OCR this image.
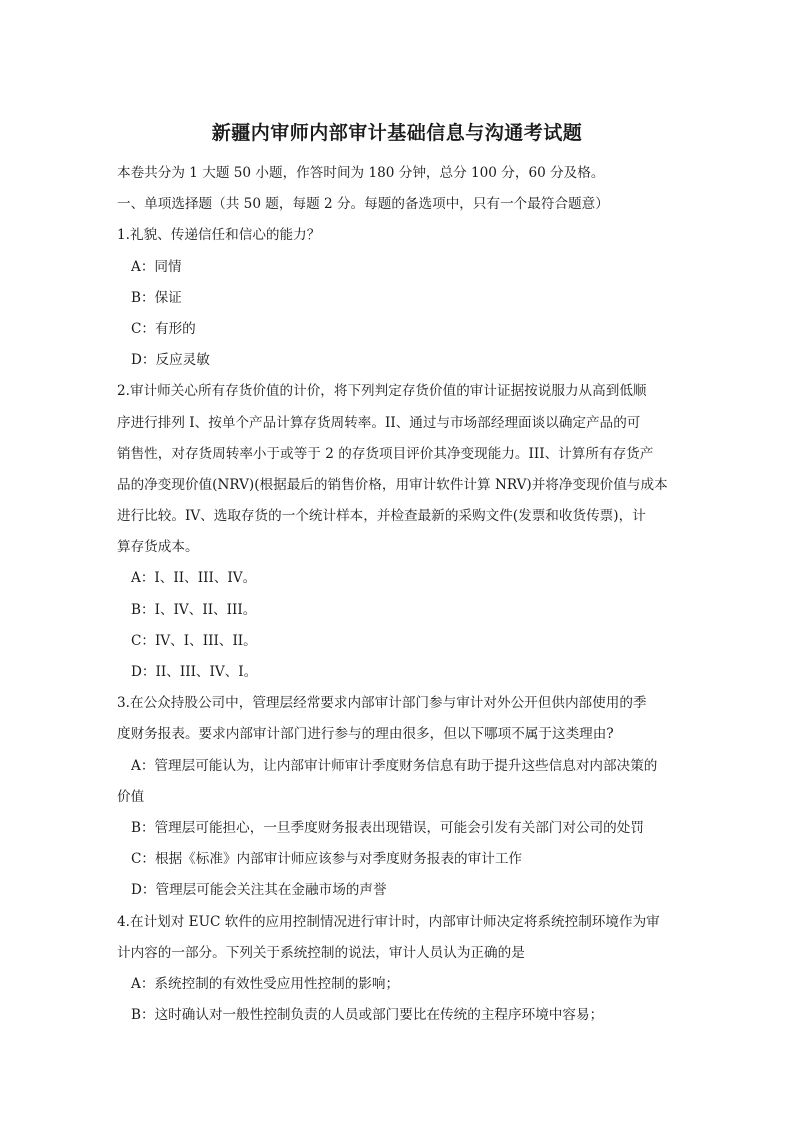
新疆内审师内部审计基础信息与沟通考试题
本卷共分为 1 大题 50 小题，作答时间为 180 分钟，总分 100 分，60 分及格。
一、单项选择题（共 50 题，每题 2 分。每题的备选项中，只有一个最符合题意）
1.礼貌、传递信任和信心的能力？
A：同情
B：保证
C：有形的
D：反应灵敏
2.审计师关心所有存货价值的计价，将下列判定存货价值的审计证据按说服力从高到低顺
序进行排列 I、按单个产品计算存货周转率。II、通过与市场部经理面谈以确定产品的可
销售性，对存货周转率小于或等于 2 的存货项目评价其净变现能力。III、计算所有存货产
品的净变现价值(NRV)(根据最后的销售价格，用审计软件计算 NRV)并将净变现价值与成本
进行比较。IV、选取存货的一个统计样本，并检查最新的采购文件(发票和收货传票)，计
算存货成本。
A：I、II、III、IV。
B：I、IV、II、III。
C：IV、I、III、II。
D：II、III、IV、I。
3.在公众持股公司中，管理层经常要求内部审计部门参与审计对外公开但供内部使用的季
度财务报表。要求内部审计部门进行参与的理由很多，但以下哪项不属于这类理由?
A：管理层可能认为，让内部审计师审计季度财务信息有助于提升这些信息对内部决策的
价值
B：管理层可能担心，一旦季度财务报表出现错误，可能会引发有关部门对公司的处罚
C：根据《标准》内部审计师应该参与对季度财务报表的审计工作
D：管理层可能会关注其在金融市场的声誉
4.在计划对 EUC 软件的应用控制情况进行审计时，内部审计师决定将系统控制环境作为审
计内容的一部分。下列关于系统控制的说法，审计人员认为正确的是
A：系统控制的有效性受应用性控制的影响；
B：这时确认对一般性控制负责的人员或部门要比在传统的主程序环境中容易；
